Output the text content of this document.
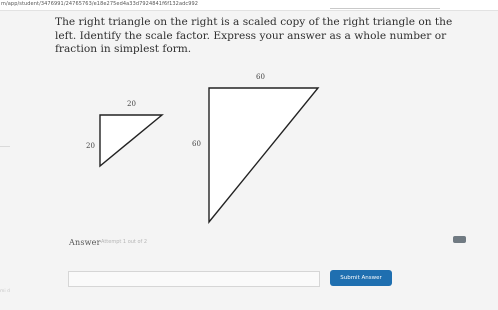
m/app/student/3476991/24765763/e18e275ed4a33d7924841f6f132adc992
The right triangle on the right is a scaled copy of the right triangle on the left. Identify the scale factor. Express your answer as a whole number or fraction in simplest form.
20
20
60
60
Answer Attempt 1 out of 2
Submit Answer
mi d
